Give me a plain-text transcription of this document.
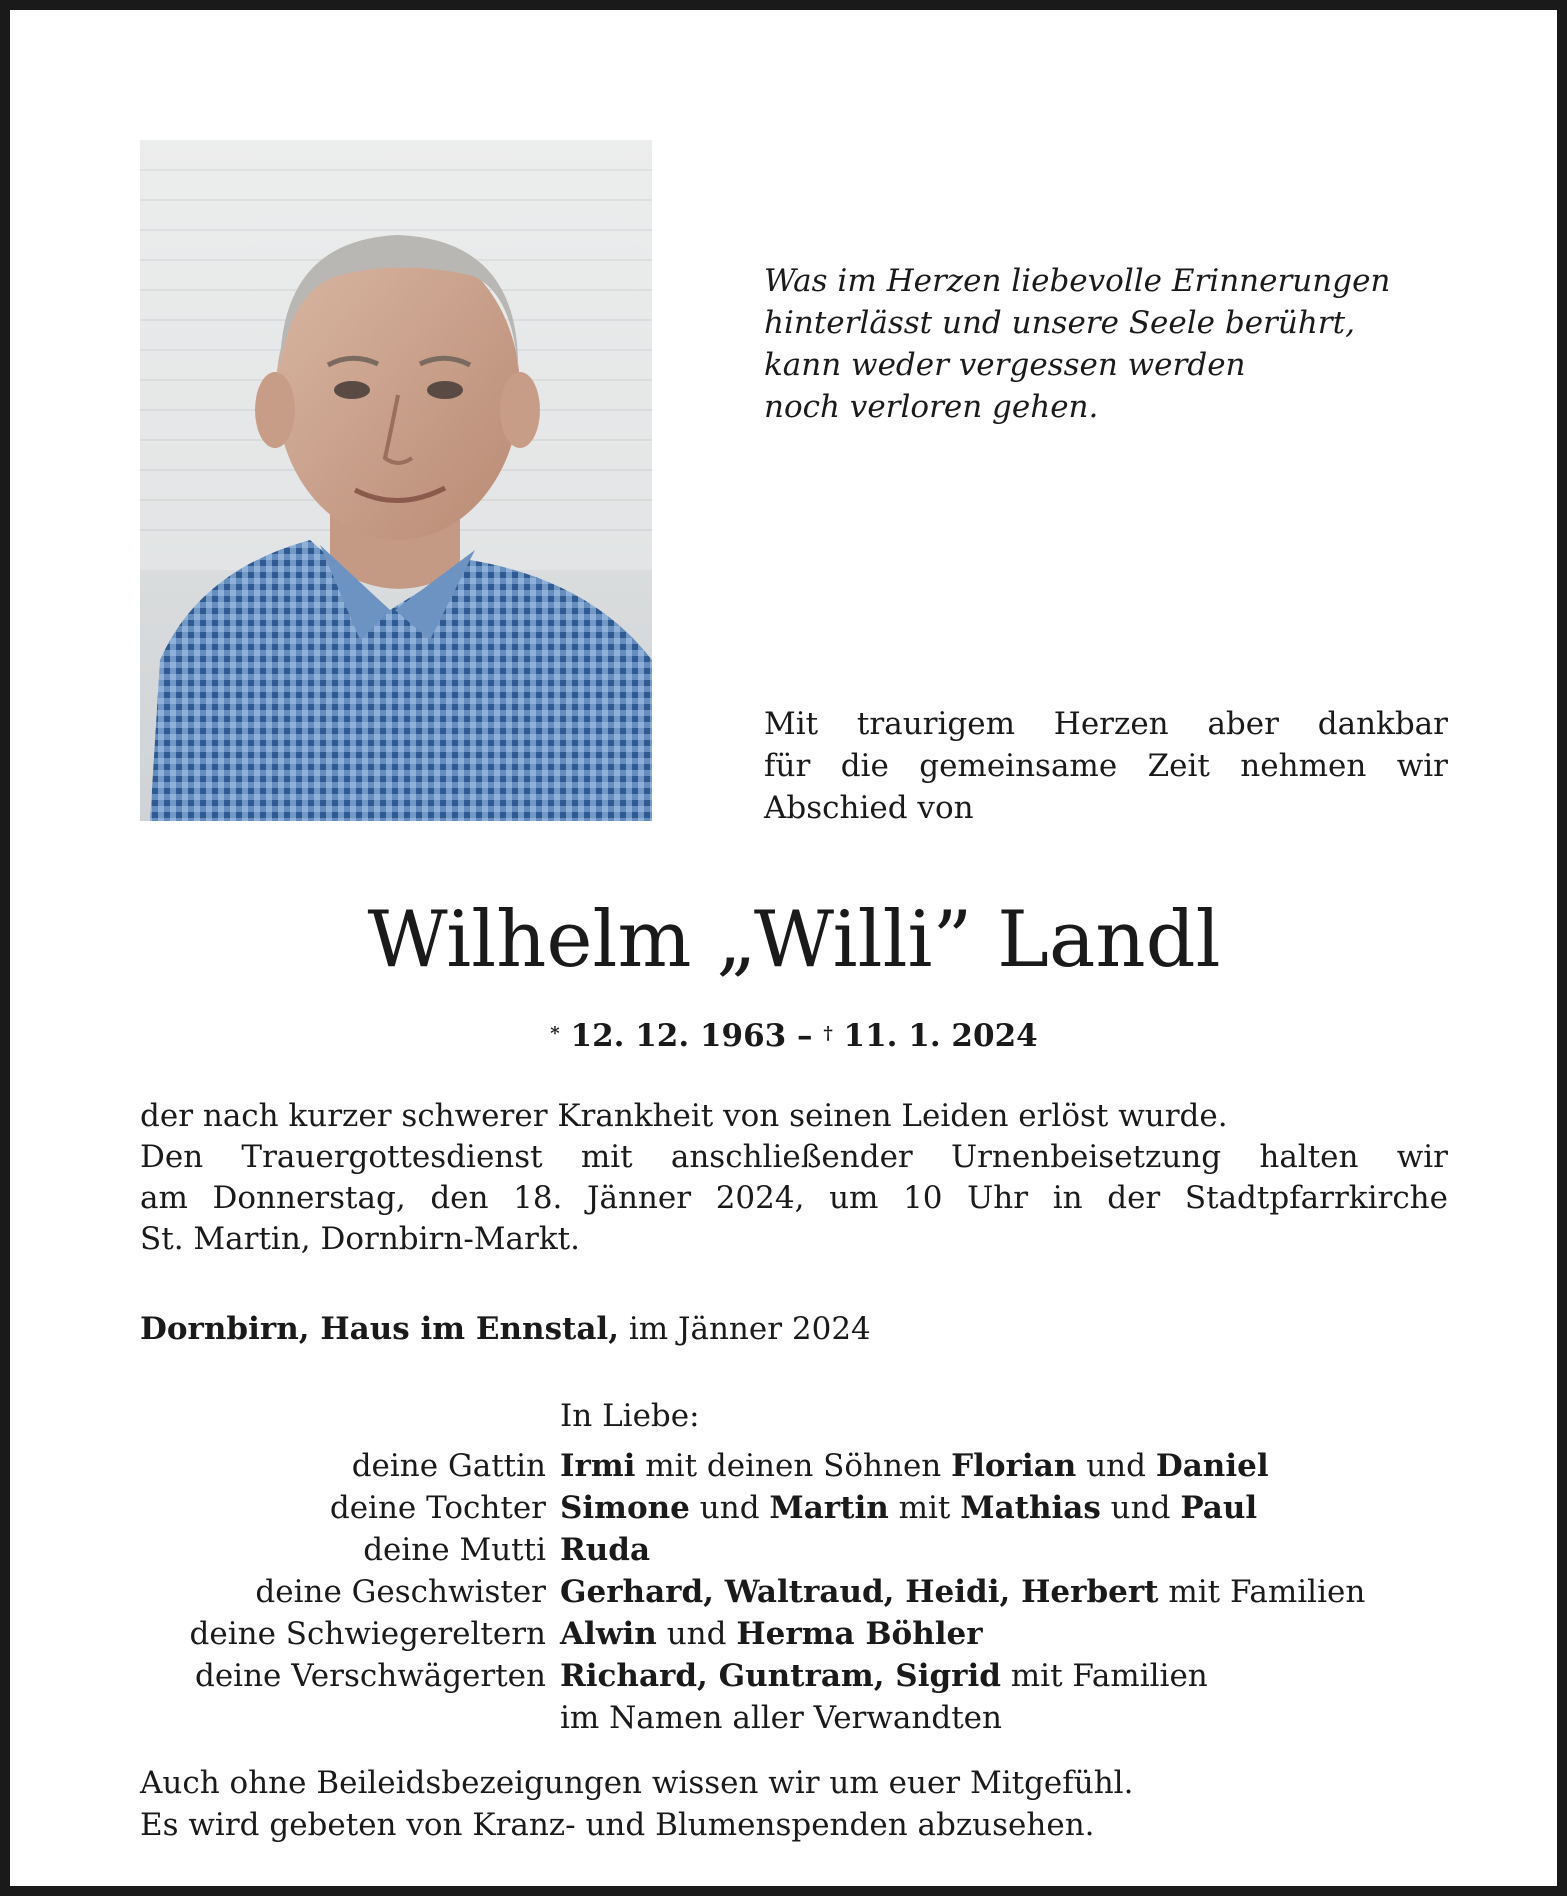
Was im Herzen liebevolle Erinnerungen
hinterlässt und unsere Seele berührt,
kann weder vergessen werden
noch verloren gehen.
Mit traurigem Herzen aber dankbar
für die gemeinsame Zeit nehmen wir
Abschied von
Wilhelm „Willi” Landl
* 12. 12. 1963 – † 11. 1. 2024
der nach kurzer schwerer Krankheit von seinen Leiden erlöst wurde.
Den Trauergottesdienst mit anschließender Urnenbeisetzung halten wir
am Donnerstag, den 18. Jänner 2024, um 10 Uhr in der Stadtpfarrkirche
St. Martin, Dornbirn-Markt.
Dornbirn, Haus im Ennstal, im Jänner 2024
In Liebe:
deine Gattin Irmi mit deinen Söhnen Florian und Daniel
deine Tochter Simone und Martin mit Mathias und Paul
deine Mutti Ruda
deine Geschwister Gerhard, Waltraud, Heidi, Herbert mit Familien
deine Schwiegereltern Alwin und Herma Böhler
deine Verschwägerten Richard, Guntram, Sigrid mit Familien
im Namen aller Verwandten
Auch ohne Beileidsbezeigungen wissen wir um euer Mitgefühl.
Es wird gebeten von Kranz- und Blumenspenden abzusehen.
